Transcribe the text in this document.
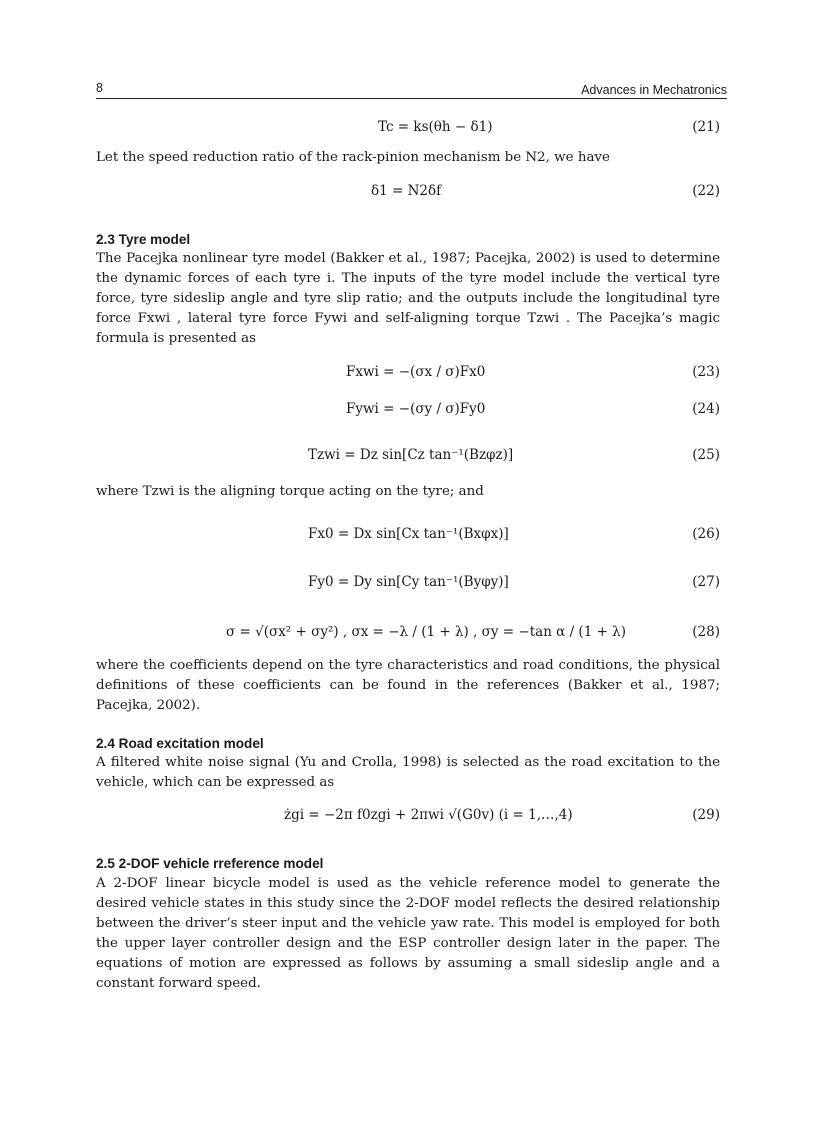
8	Advances in Mechatronics
Tc = ks(θh − δ1)	(21)

Let the speed reduction ratio of the rack-pinion mechanism be N2, we have

δ1 = N2δf	(22)
2.3 Tyre model

The Pacejka nonlinear tyre model (Bakker et al., 1987; Pacejka, 2002) is used to determine the dynamic forces of each tyre i. The inputs of the tyre model include the vertical tyre force, tyre sideslip angle and tyre slip ratio; and the outputs include the longitudinal tyre force Fxwi , lateral tyre force Fywi and self-aligning torque Tzwi . The Pacejka’s magic formula is presented as

Fxwi = −(σx / σ)Fx0	(23)
Fywi = −(σy / σ)Fy0	(24)
Tzwi = Dz sin[Cz tan⁻¹(Bzφz)]	(25)

where Tzwi is the aligning torque acting on the tyre; and

Fx0 = Dx sin[Cx tan⁻¹(Bxφx)]	(26)
Fy0 = Dy sin[Cy tan⁻¹(Byφy)]	(27)
σ = √(σx² + σy²) , σx = −λ / (1 + λ) , σy = −tan α / (1 + λ)	(28)

where the coefficients depend on the tyre characteristics and road conditions, the physical definitions of these coefficients can be found in the references (Bakker et al., 1987; Pacejka, 2002).

2.4 Road excitation model

A filtered white noise signal (Yu and Crolla, 1998) is selected as the road excitation to the vehicle, which can be expressed as

żgi = −2π f0zgi + 2πwi √(G0v) (i = 1,…,4)	(29)
2.5 2-DOF vehicle rreference model

A 2-DOF linear bicycle model is used as the vehicle reference model to generate the desired vehicle states in this study since the 2-DOF model reflects the desired relationship between the driver’s steer input and the vehicle yaw rate. This model is employed for both the upper layer controller design and the ESP controller design later in the paper. The equations of motion are expressed as follows by assuming a small sideslip angle and a constant forward speed.
